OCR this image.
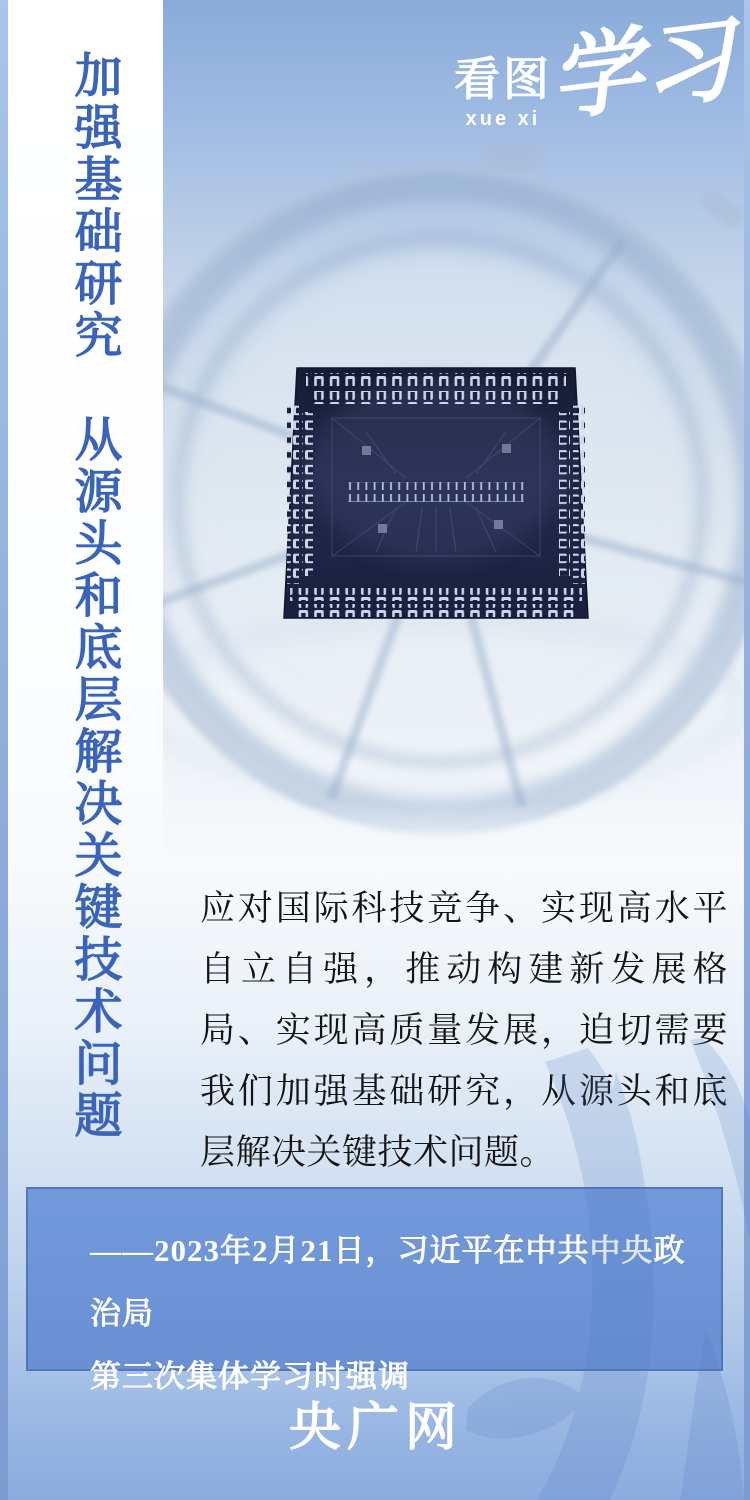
看图
xue xi 学习
加强基础研究　从源头和底层解决关键技术问题 应对国际科技竞争、实现高水平自立自强，推动构建新发展格局、实现高质量发展，迫切需要我们加强基础研究，从源头和底层解决关键技术问题。

——2023年2月21日，习近平在中共中央政治局

第三次集体学习时强调

央广网
